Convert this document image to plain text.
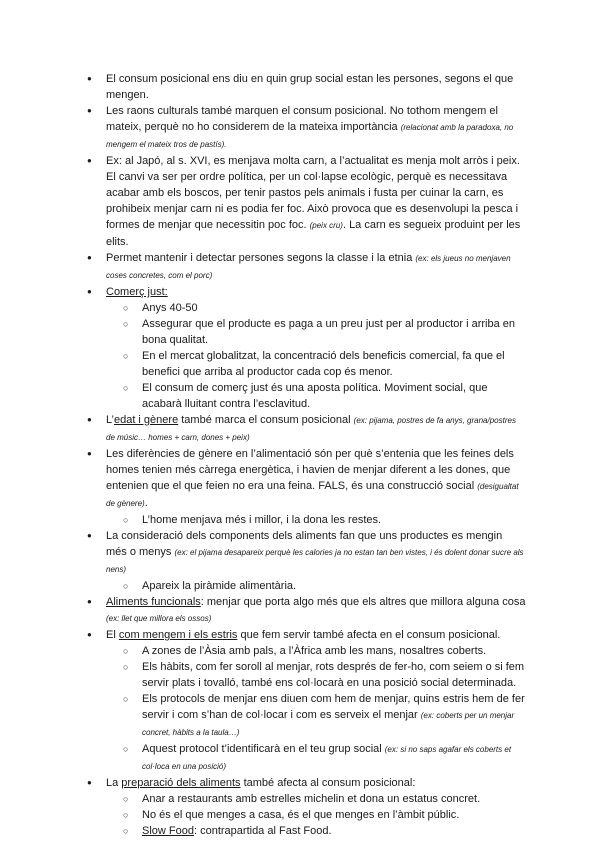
● El consum posicional ens diu en quin grup social estan les persones, segons el que mengen.
● Les raons culturals també marquen el consum posicional. No tothom mengem el mateix, perquè no ho considerem de la mateixa importància (relacionat amb la paradoxa, no mengem el mateix tros de pastís).
● Ex: al Japó, al s. XVI, es menjava molta carn, a l’actualitat es menja molt arròs i peix. El canvi va ser per ordre política, per un col·lapse ecològic, perquè es necessitava acabar amb els boscos, per tenir pastos pels animals i fusta per cuinar la carn, es prohibeix menjar carn ni es podia fer foc. Això provoca que es desenvolupi la pesca i formes de menjar que necessitin poc foc. (peix cru). La carn es segueix produint per les elits.
● Permet mantenir i detectar persones segons la classe i la etnia (ex: els jueus no menjaven coses concretes, com el porc)
● Comerç just:
○ Anys 40-50
○ Assegurar que el producte es paga a un preu just per al productor i arriba en bona qualitat.
○ En el mercat globalitzat, la concentració dels beneficis comercial, fa que el benefici que arriba al productor cada cop és menor.
○ El consum de comerç just és una aposta política. Moviment social, que acabarà lluitant contra l’esclavitud.
● L’edat i gènere també marca el consum posicional (ex: pijama, postres de fa anys, grana/postres de músic… homes + carn, dones + peix)
● Les diferències de gènere en l’alimentació són per què s’entenia que les feines dels homes tenien més càrrega energètica, i havien de menjar diferent a les dones, que entenien que el que feien no era una feina. FALS, és una construcció social (desigualtat de gènere).
○ L’home menjava més i millor, i la dona les restes.
● La consideració dels components dels aliments fan que uns productes es mengin més o menys (ex: el pijama desapareix perquè les calories ja no estan tan ben vistes, i és dolent donar sucre als nens)
○ Apareix la piràmide alimentària.
● Aliments funcionals: menjar que porta algo més que els altres que millora alguna cosa (ex: llet que millora els ossos)
● El com mengem i els estris que fem servir també afecta en el consum posicional.
○ A zones de l’Àsia amb pals, a l’Àfrica amb les mans, nosaltres coberts.
○ Els hàbits, com fer soroll al menjar, rots després de fer-ho, com seiem o si fem servir plats i tovalló, també ens col·locarà en una posició social determinada.
○ Els protocols de menjar ens diuen com hem de menjar, quins estris hem de fer servir i com s’han de col·locar i com es serveix el menjar (ex: coberts per un menjar concret, hàbits a la taula…)
○ Aquest protocol t’identificarà en el teu grup social (ex: si no saps agafar els coberts et col·loca en una posició)
● La preparació dels aliments també afecta al consum posicional:
○ Anar a restaurants amb estrelles michelin et dona un estatus concret.
○ No és el que menges a casa, és el que menges en l’àmbit públic.
○ Slow Food: contrapartida al Fast Food.
